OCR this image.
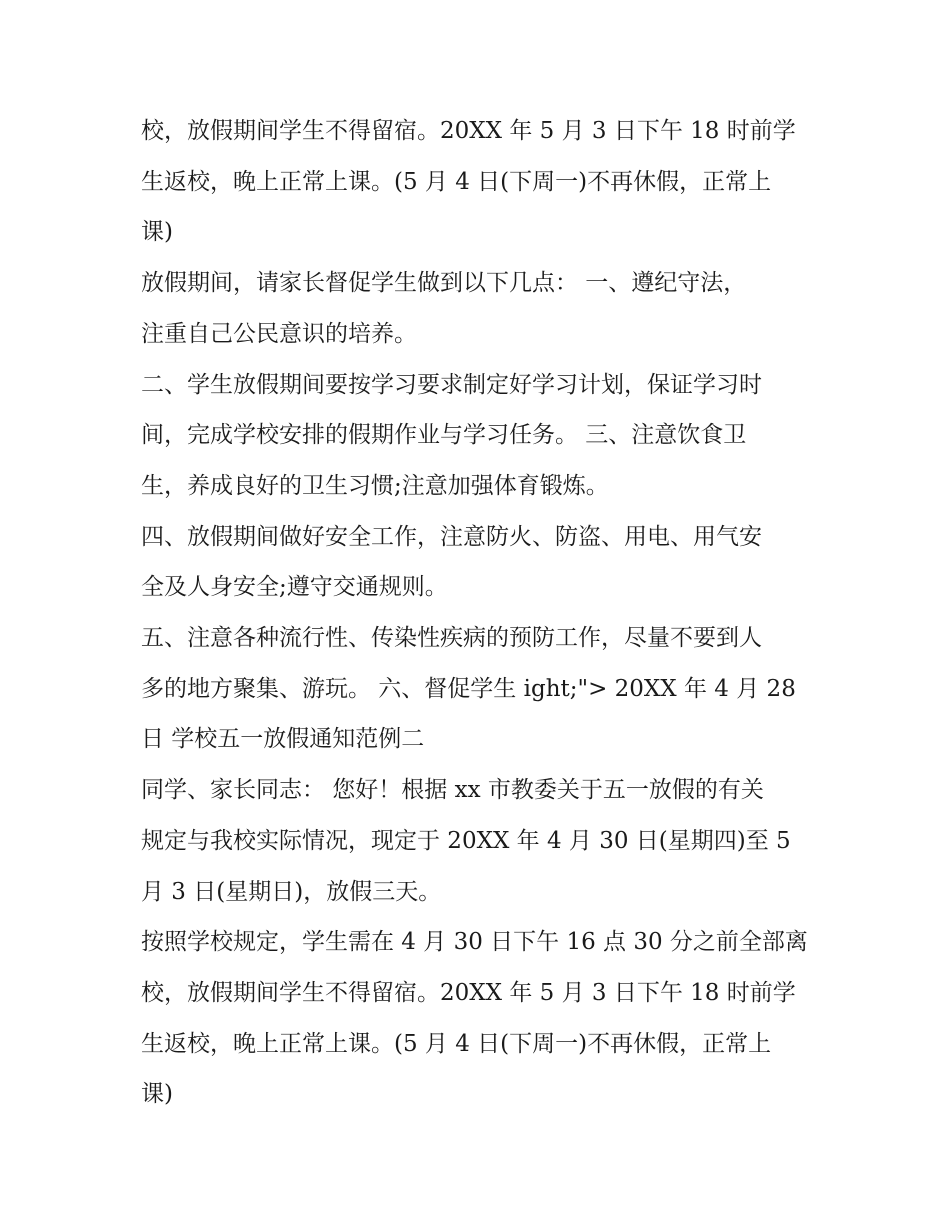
校，放假期间学生不得留宿。20XX 年 5 月 3 日下午 18 时前学
生返校，晚上正常上课。(5 月 4 日(下周一)不再休假，正常上
课)
放假期间，请家长督促学生做到以下几点： 一、遵纪守法，
注重自己公民意识的培养。
二、学生放假期间要按学习要求制定好学习计划，保证学习时
间，完成学校安排的假期作业与学习任务。 三、注意饮食卫
生，养成良好的卫生习惯;注意加强体育锻炼。
四、放假期间做好安全工作，注意防火、防盗、用电、用气安
全及人身安全;遵守交通规则。
五、注意各种流行性、传染性疾病的预防工作，尽量不要到人
多的地方聚集、游玩。 六、督促学生 ight;"> 20XX 年 4 月 28
日 学校五一放假通知范例二
同学、家长同志： 您好！根据 xx 市教委关于五一放假的有关
规定与我校实际情况，现定于 20XX 年 4 月 30 日(星期四)至 5
月 3 日(星期日)，放假三天。
按照学校规定，学生需在 4 月 30 日下午 16 点 30 分之前全部离
校，放假期间学生不得留宿。20XX 年 5 月 3 日下午 18 时前学
生返校，晚上正常上课。(5 月 4 日(下周一)不再休假，正常上
课)
